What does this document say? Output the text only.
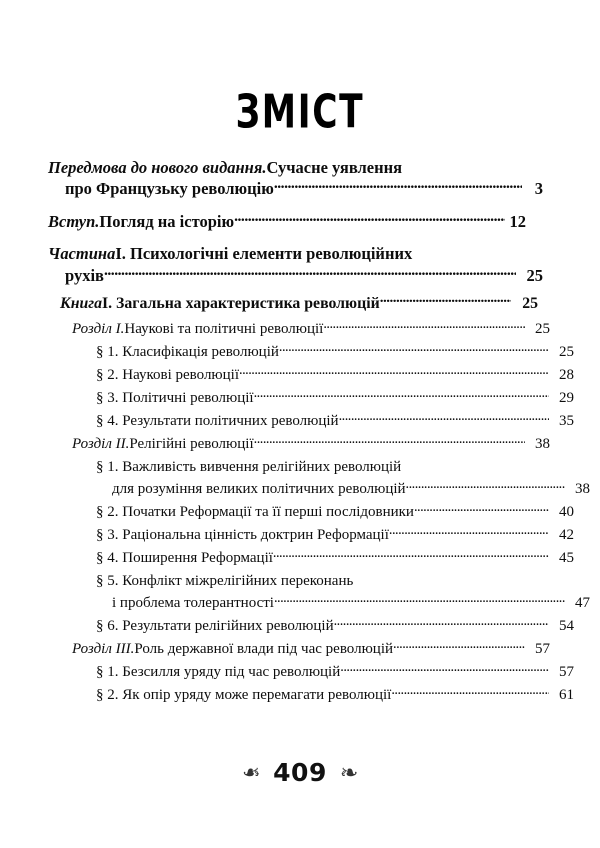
ЗМІСТ
Передмова до нового видання. Сучасне уявлення
про Французьку революцію .....	3
Вступ. Погляд на історію .....	12
Частина І. Психологічні елементи революційних
рухів .....	25
Книга І. Загальна характеристика революцій .....	25
Розділ І. Наукові та політичні революції .....	25
§ 1. Класифікація революцій .....	25
§ 2. Наукові революції .....	28
§ 3. Політичні революції .....	29
§ 4. Результати політичних революцій .....	35
Розділ ІІ. Релігійні революції .....	38
§ 1. Важливість вивчення релігійних революцій
для розуміння великих політичних революцій .....	38
§ 2. Початки Реформації та її перші послідовники .....	40
§ 3. Раціональна цінність доктрин Реформації .....	42
§ 4. Поширення Реформації .....	45
§ 5. Конфлікт міжрелігійних переконань
і проблема толерантності .....	47
§ 6. Результати релігійних революцій .....	54
Розділ ІІІ. Роль державної влади під час революцій .....	57
§ 1. Безсилля уряду під час революцій .....	57
§ 2. Як опір уряду може перемагати революції .....	61
❧ 409 ❧
